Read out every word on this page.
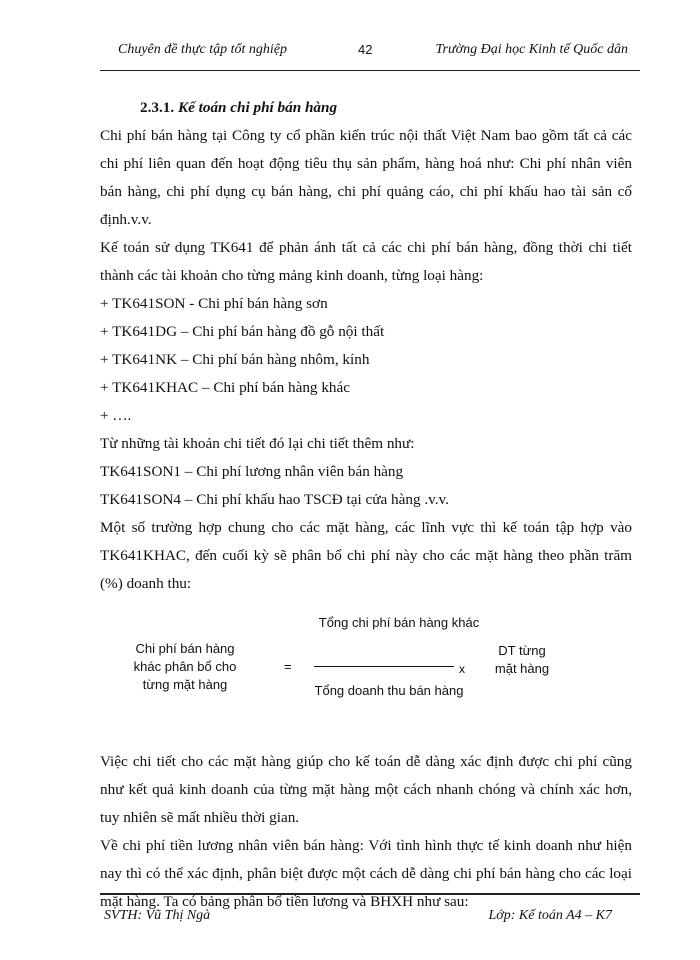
Chuyên đề thực tập tốt nghiệp	42	Trường Đại học Kinh tế Quốc dân

2.3.1. Kế toán chi phí bán hàng

Chi phí bán hàng tại Công ty cổ phần kiến trúc nội thất Việt Nam bao gồm tất cả các chi phí liên quan đến hoạt động tiêu thụ sản phẩm, hàng hoá như: Chi phí nhân viên bán hàng, chi phí dụng cụ bán hàng, chi phí quảng cáo, chi phí khấu hao tài sản cố định.v.v.

Kế toán sử dụng TK641 để phản ánh tất cả các chi phí bán hàng, đồng thời chi tiết thành các tài khoản cho từng mảng kinh doanh, từng loại hàng:

+ TK641SON - Chi phí bán hàng sơn

+ TK641DG – Chi phí bán hàng đồ gỗ nội thất

+ TK641NK – Chi phí bán hàng nhôm, kính

+ TK641KHAC – Chi phí bán hàng khác

+ ….

Từ những tài khoản chi tiết đó lại chi tiết thêm như:

TK641SON1 – Chi phí lương nhân viên bán hàng

TK641SON4 – Chi phí khấu hao TSCĐ tại cửa hàng .v.v.

Một số trường hợp chung cho các mặt hàng, các lĩnh vực thì kế toán tập hợp vào TK641KHAC, đến cuối kỳ sẽ phân bổ chi phí này cho các mặt hàng theo phần trăm (%) doanh thu:

Chi phí bán hàng khác phân bổ cho từng mặt hàng
=
Tổng chi phí bán hàng khác
Tổng doanh thu bán hàng
x
DT từng mặt hàng

Việc chi tiết cho các mặt hàng giúp cho kế toán dễ dàng xác định được chi phí cũng như kết quả kinh doanh của từng mặt hàng một cách nhanh chóng và chính xác hơn, tuy nhiên sẽ mất nhiều thời gian.

Về chi phí tiền lương nhân viên bán hàng: Với tình hình thực tế kinh doanh như hiện nay thì có thể xác định, phân biệt được một cách dễ dàng chi phí bán hàng cho các loại mặt hàng. Ta có bảng phân bổ tiền lương và BHXH như sau:

SVTH: Vũ Thị Ngà	Lớp: Kế toán A4 – K7
